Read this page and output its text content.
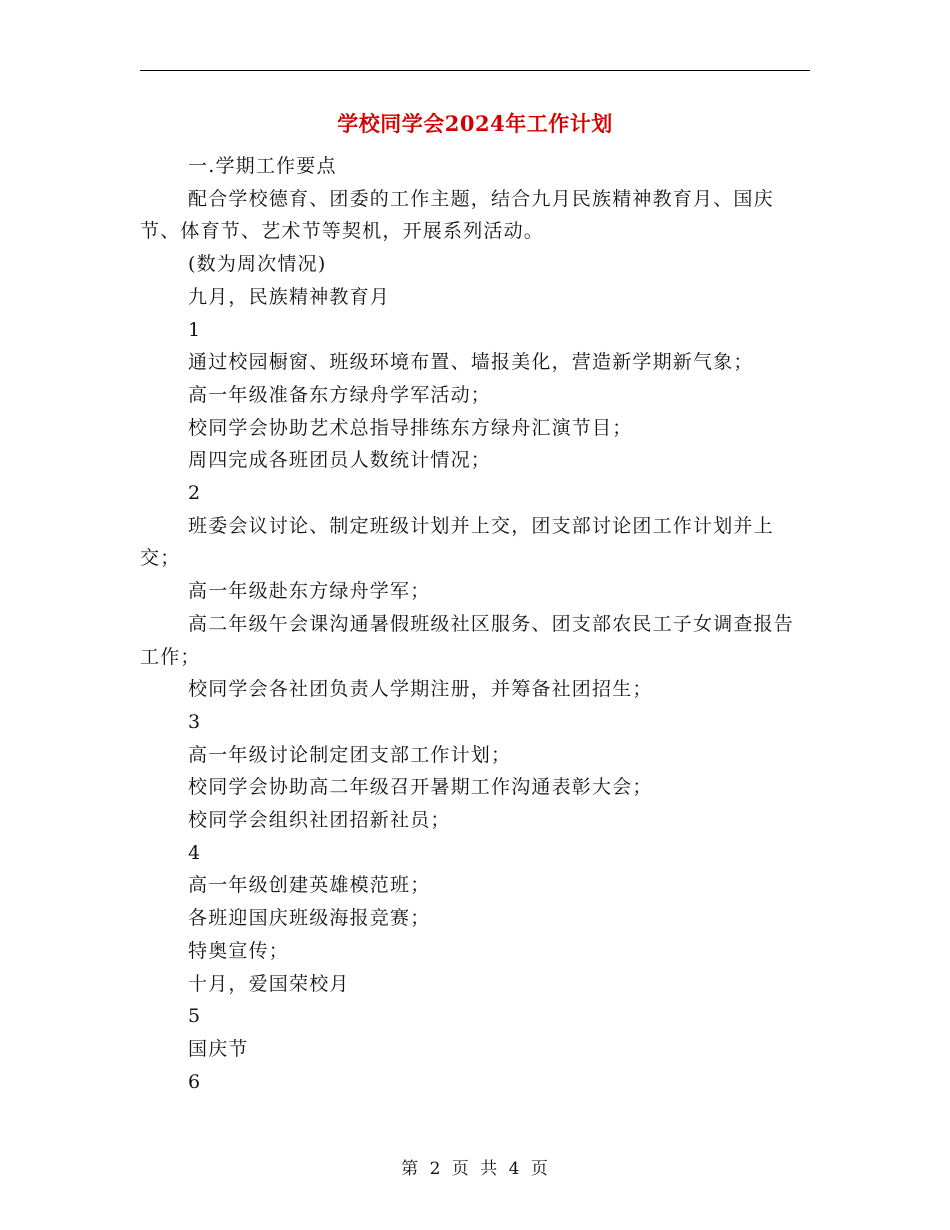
学校同学会2024年工作计划

一.学期工作要点

配合学校德育、团委的工作主题，结合九月民族精神教育月、国庆节、体育节、艺术节等契机，开展系列活动。

(数为周次情况)

九月，民族精神教育月

1

通过校园橱窗、班级环境布置、墙报美化，营造新学期新气象；

高一年级准备东方绿舟学军活动；

校同学会协助艺术总指导排练东方绿舟汇演节目；

周四完成各班团员人数统计情况；

2

班委会议讨论、制定班级计划并上交，团支部讨论团工作计划并上交；

高一年级赴东方绿舟学军；

高二年级午会课沟通暑假班级社区服务、团支部农民工子女调查报告工作；

校同学会各社团负责人学期注册，并筹备社团招生；

3

高一年级讨论制定团支部工作计划；

校同学会协助高二年级召开暑期工作沟通表彰大会；

校同学会组织社团招新社员；

4

高一年级创建英雄模范班；

各班迎国庆班级海报竞赛；

特奥宣传；

十月，爱国荣校月

5

国庆节

6

第 2 页 共 4 页
